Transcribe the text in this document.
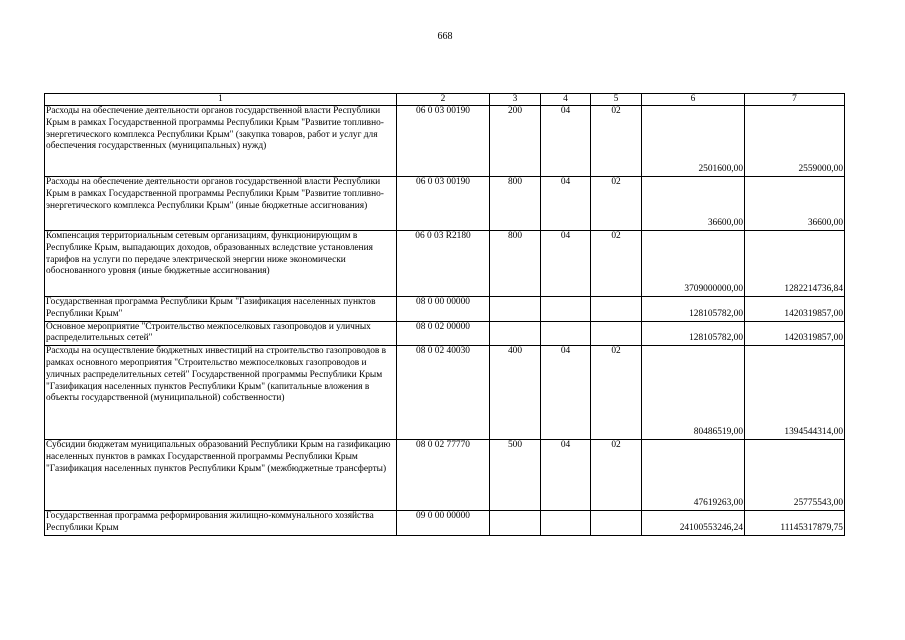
668
1	2	3	4	5	6	7
Расходы на обеспечение деятельности органов государственной власти Республики Крым в рамках Государственной программы Республики Крым "Развитие топливно-энергетического комплекса Республики Крым" (закупка товаров, работ и услуг для обеспечения государственных (муниципальных) нужд)	06 0 03 00190	200	04	02	2501600,00	2559000,00
Расходы на обеспечение деятельности органов государственной власти Республики Крым в рамках Государственной программы Республики Крым "Развитие топливно-энергетического комплекса Республики Крым" (иные бюджетные ассигнования)	06 0 03 00190	800	04	02	36600,00	36600,00
Компенсация территориальным сетевым организациям, функционирующим в Республике Крым, выпадающих доходов, образованных вследствие установления тарифов на услуги по передаче электрической энергии ниже экономически обоснованного уровня (иные бюджетные ассигнования)	06 0 03 R2180	800	04	02	3709000000,00	1282214736,84
Государственная программа Республики Крым "Газификация населенных пунктов Республики Крым"	08 0 00 00000				128105782,00	1420319857,00
Основное мероприятие "Строительство межпоселковых газопроводов и уличных распределительных сетей"	08 0 02 00000				128105782,00	1420319857,00
Расходы на осуществление бюджетных инвестиций на строительство газопроводов в рамках основного мероприятия "Строительство межпоселковых газопроводов и уличных распределительных сетей" Государственной программы Республики Крым "Газификация населенных пунктов Республики Крым" (капитальные вложения в объекты государственной (муниципальной) собственности)	08 0 02 40030	400	04	02	80486519,00	1394544314,00
Субсидии бюджетам муниципальных образований Республики Крым на газификацию населенных пунктов в рамках Государственной программы Республики Крым "Газификация населенных пунктов Республики Крым" (межбюджетные трансферты)	08 0 02 77770	500	04	02	47619263,00	25775543,00
Государственная программа реформирования жилищно-коммунального хозяйства Республики Крым	09 0 00 00000				24100553246,24	11145317879,75
